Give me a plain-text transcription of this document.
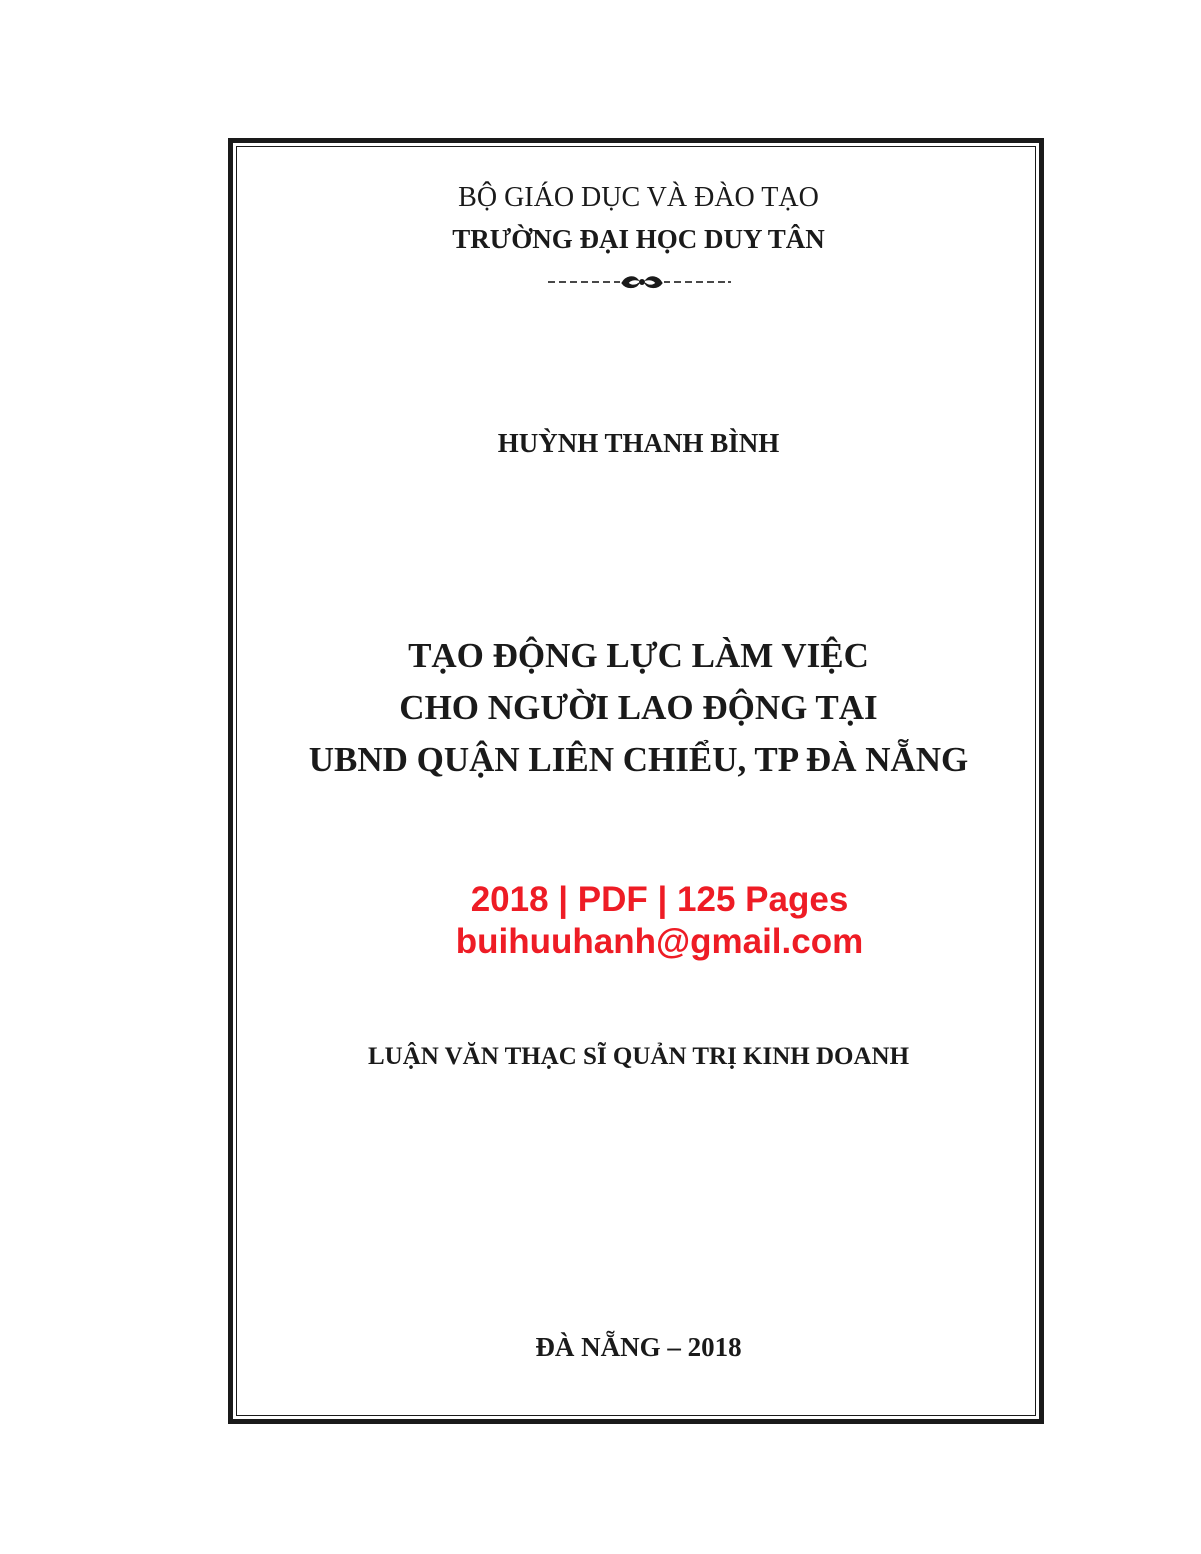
BỘ GIÁO DỤC VÀ ĐÀO TẠO

TRƯỜNG ĐẠI HỌC DUY TÂN

HUỲNH THANH BÌNH

TẠO ĐỘNG LỰC LÀM VIỆC

CHO NGƯỜI LAO ĐỘNG TẠI

UBND QUẬN LIÊN CHIỂU, TP ĐÀ NẴNG

2018 | PDF | 125 Pages

buihuuhanh@gmail.com

LUẬN VĂN THẠC SĨ QUẢN TRỊ KINH DOANH

ĐÀ NẴNG – 2018
